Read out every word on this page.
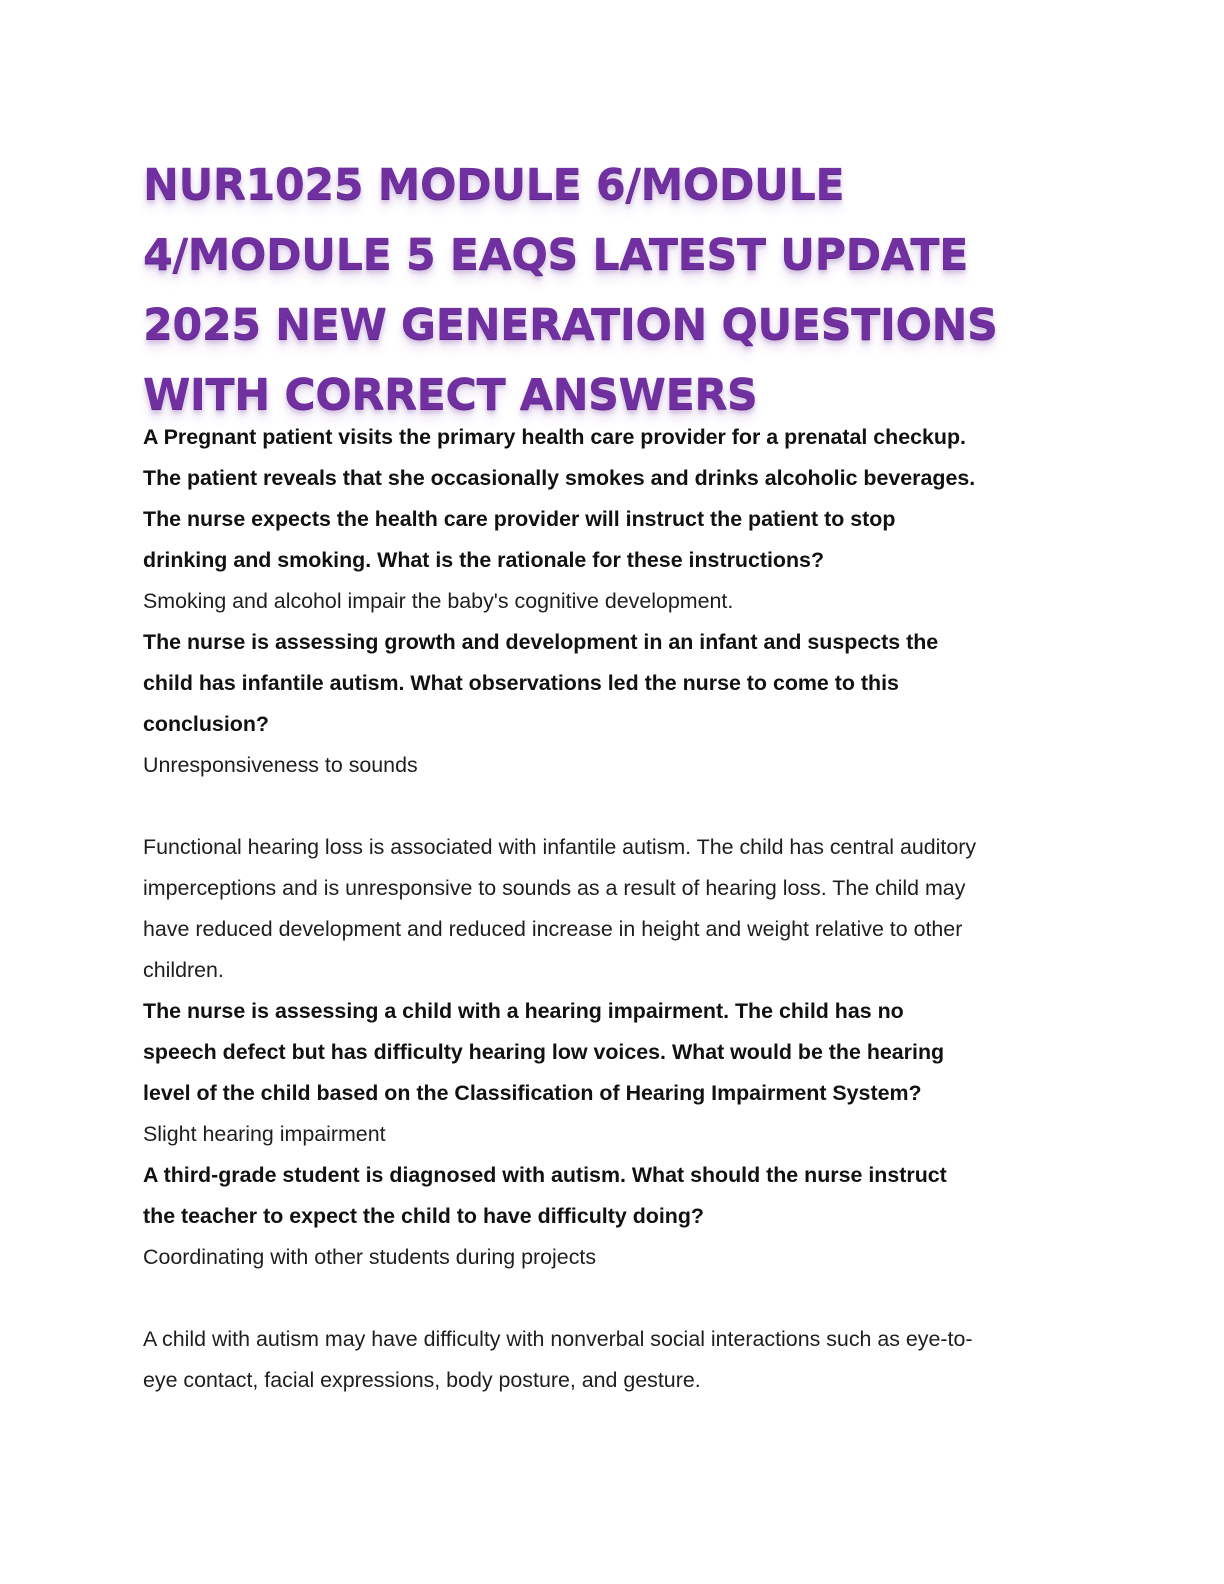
NUR1025 MODULE 6/MODULE
4/MODULE 5 EAQS LATEST UPDATE
2025 NEW GENERATION QUESTIONS
WITH CORRECT ANSWERS
A Pregnant patient visits the primary health care provider for a prenatal checkup.
The patient reveals that she occasionally smokes and drinks alcoholic beverages.
The nurse expects the health care provider will instruct the patient to stop
drinking and smoking. What is the rationale for these instructions?
Smoking and alcohol impair the baby's cognitive development.
The nurse is assessing growth and development in an infant and suspects the
child has infantile autism. What observations led the nurse to come to this
conclusion?
Unresponsiveness to sounds
Functional hearing loss is associated with infantile autism. The child has central auditory
imperceptions and is unresponsive to sounds as a result of hearing loss. The child may
have reduced development and reduced increase in height and weight relative to other
children.
The nurse is assessing a child with a hearing impairment. The child has no
speech defect but has difficulty hearing low voices. What would be the hearing
level of the child based on the Classification of Hearing Impairment System?
Slight hearing impairment
A third-grade student is diagnosed with autism. What should the nurse instruct
the teacher to expect the child to have difficulty doing?
Coordinating with other students during projects
A child with autism may have difficulty with nonverbal social interactions such as eye-to-
eye contact, facial expressions, body posture, and gesture.
